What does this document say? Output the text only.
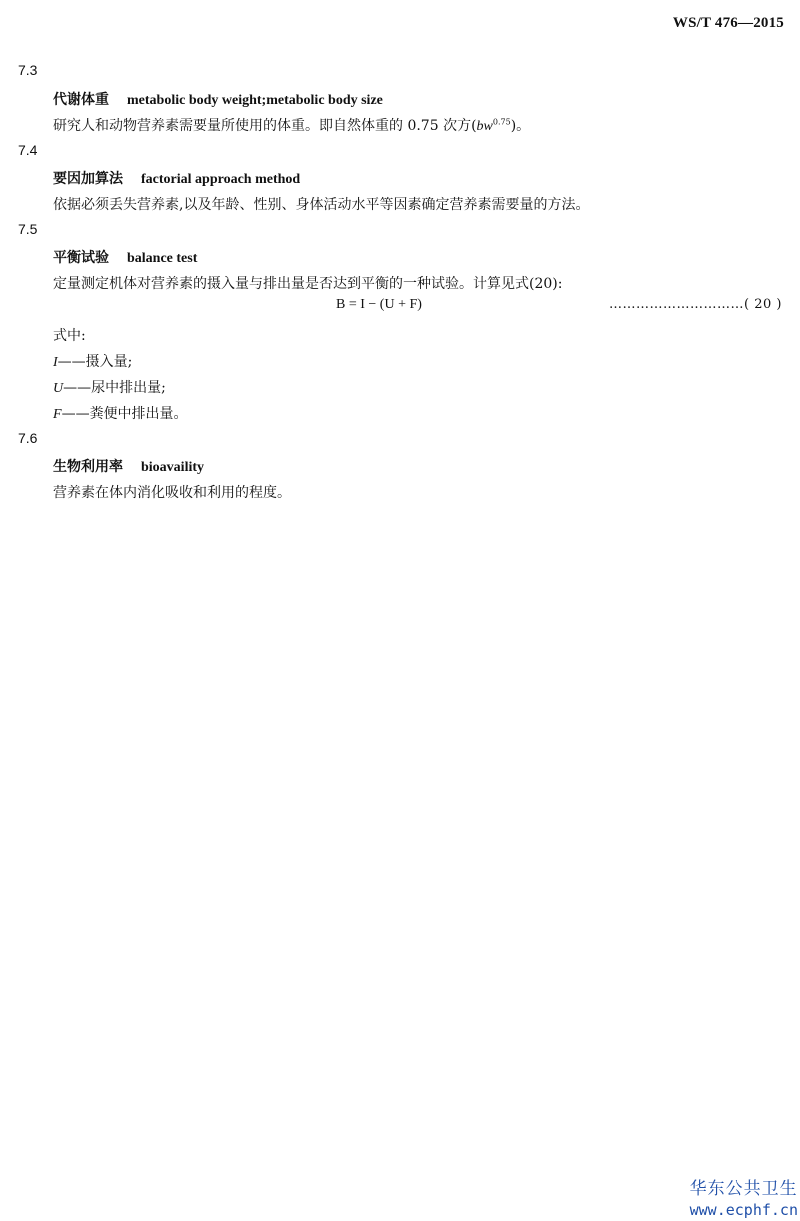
WS/T 476—2015
7.3
代谢体重 metabolic body weight;metabolic body size
研究人和动物营养素需要量所使用的体重。即自然体重的 0.75 次方$(bw^{0.75})$。
7.4
要因加算法 factorial approach method
依据必须丢失营养素,以及年龄、性别、身体活动水平等因素确定营养素需要量的方法。
7.5
平衡试验 balance test
定量测定机体对营养素的摄入量与排出量是否达到平衡的一种试验。计算见式(20):
B = I − (U + F)	…………………………( 20 )
式中:
I——摄入量;
U——尿中排出量;
F——粪便中排出量。
7.6
生物利用率 bioavaility
营养素在体内消化吸收和利用的程度。
华东公共卫生
www.ecphf.cn
